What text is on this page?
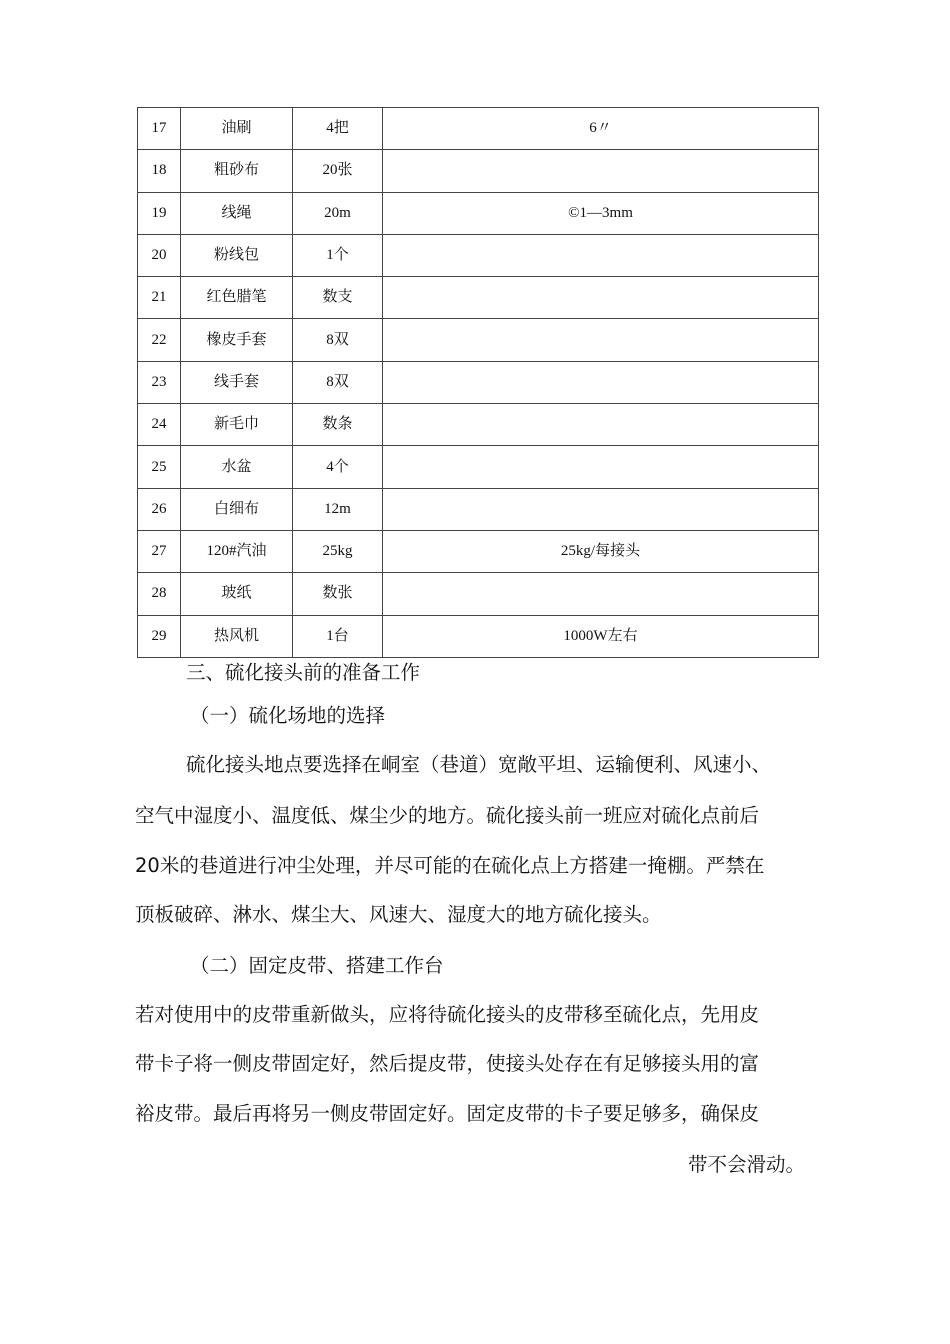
17	油刷	4把	6〃
18	粗砂布	20张	
19	线绳	20m	©1—3mm
20	粉线包	1个	
21	红色腊笔	数支	
22	橡皮手套	8双	
23	线手套	8双	
24	新毛巾	数条	
25	水盆	4个	
26	白细布	12m	
27	120#汽油	25kg	25kg/每接头
28	玻纸	数张	
29	热风机	1台	1000W左右

三、硫化接头前的准备工作

（一）硫化场地的选择

硫化接头地点要选择在峒室（巷道）宽敞平坦、运输便利、风速小、

空气中湿度小、温度低、煤尘少的地方。硫化接头前一班应对硫化点前后

20米的巷道进行冲尘处理，并尽可能的在硫化点上方搭建一掩棚。严禁在

顶板破碎、淋水、煤尘大、风速大、湿度大的地方硫化接头。

（二）固定皮带、搭建工作台

若对使用中的皮带重新做头，应将待硫化接头的皮带移至硫化点，先用皮

带卡子将一侧皮带固定好，然后提皮带，使接头处存在有足够接头用的富

裕皮带。最后再将另一侧皮带固定好。固定皮带的卡子要足够多，确保皮

带不会滑动。
